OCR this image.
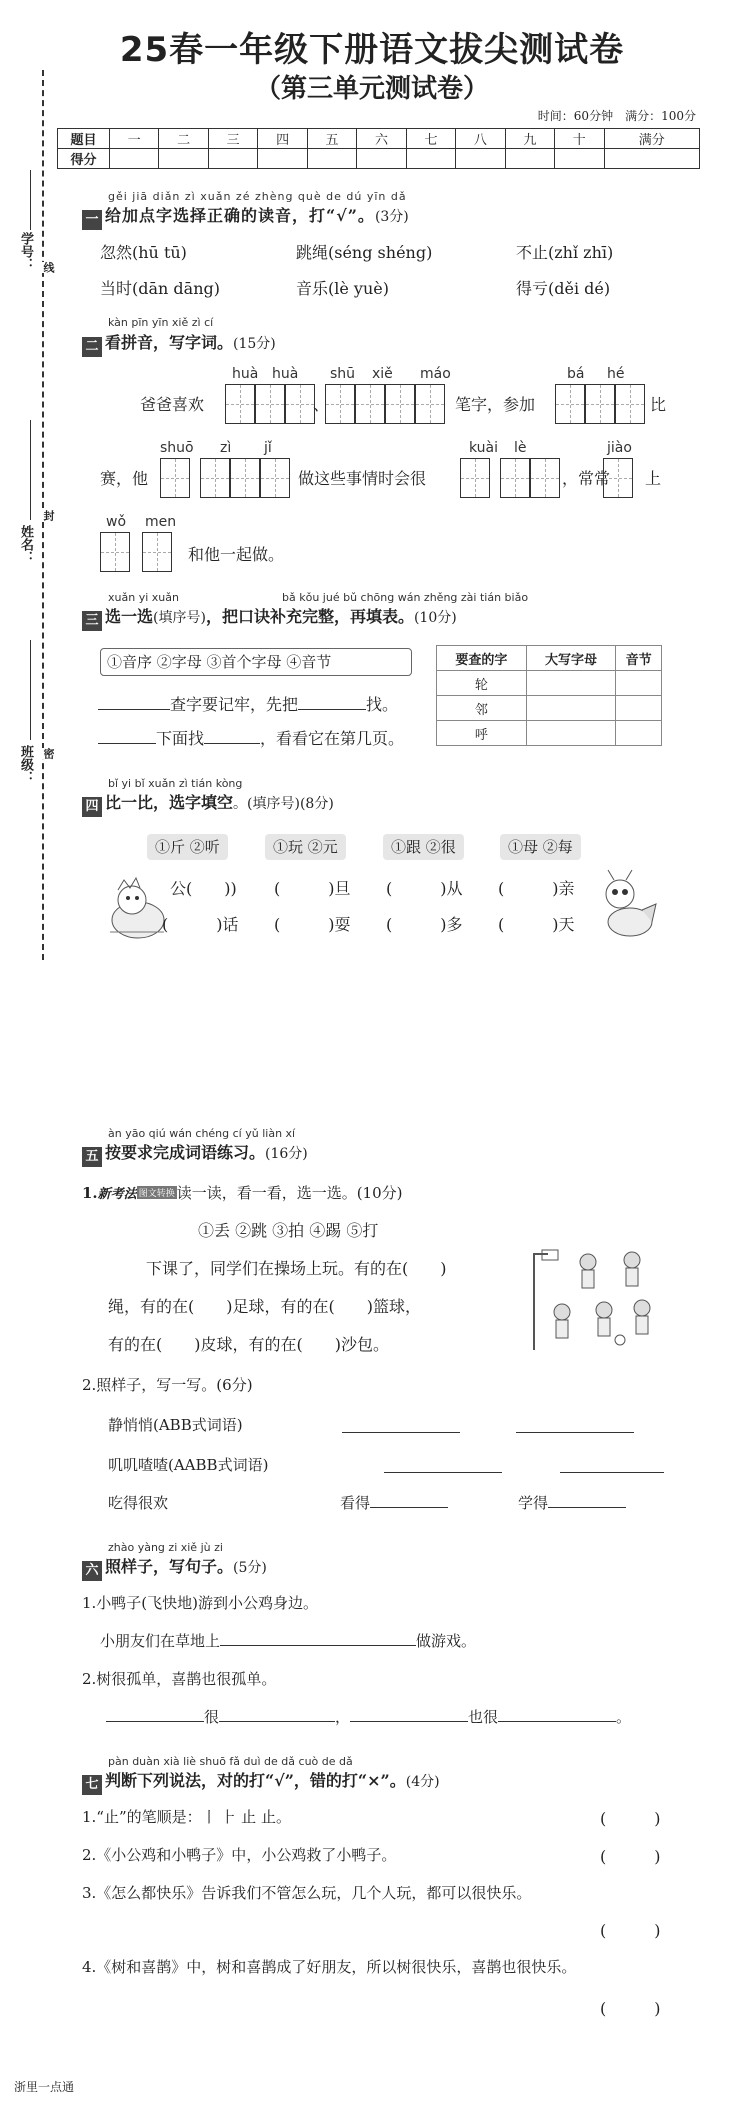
25春一年级下册语文拔尖测试卷
（第三单元测试卷）
时间：60分钟　 满分：100分
题目	一	二	三	四	五	六	七	八	九	十	满分
得分											
学号： 线
姓名：
封
班级： 密
gěi jiā diǎn zì xuǎn zé zhèng què de dú yīn dǎ
一 给加点字选择正确的读音，打“√”。(3分)
忽然(hū tū)	跳绳(séng shéng)	不止(zhǐ zhī)
当时(dān dāng)	音乐(lè yuè)	得亏(děi dé)
kàn pīn yīn xiě zì cí
二 看拼音，写字词。(15分)
huà huà shū xiě máo	bá hé
爸爸喜欢	、	笔字，参加	比
shuō zì jǐ	kuài lè	jiào
赛，他	做这些事情时会很	，常常 上
wǒ men
和他一起做。
xuǎn yi xuǎn	bǎ kǒu jué bǔ chōng wán zhěng zài tián biǎo
三 选一选(填序号)，把口诀补充完整，再填表。(10分)
①音序 ②字母 ③首个字母 ④音节
查字要记牢，先把	找。
下面找	，看看它在第几页。
要查的字	大写字母	音节
轮		
邻		
呼		
bǐ yi bǐ xuǎn zì tián kòng
四 比一比，选字填空。(填序号)(8分)
①斤 ②听	①玩 ②元	①跟 ②很	①母 ②每
公(　　)) (　　　)旦 (　　　)从 (　　　)亲
(　　　)话 (　　　)耍 (　　　)多 (　　　)天
àn yāo qiú wán chéng cí yǔ liàn xí
五 按要求完成词语练习。(16分)
1.新考法 图文转换 读一读，看一看，选一选。(10分)
①丢 ②跳 ③拍 ④踢 ⑤打
下课了，同学们在操场上玩。有的在(　　)
绳，有的在(　　)足球，有的在(　　)篮球，
有的在(　　)皮球，有的在(　　)沙包。
2.照样子，写一写。(6分)
静悄悄(ABB式词语)
叽叽喳喳(AABB式词语)
吃得很欢	看得	学得
zhào yàng zi xiě jù zi
六 照样子，写句子。(5分)
1.小鸭子(飞快地)游到小公鸡身边。
小朋友们在草地上	做游戏。
2.树很孤单，喜鹊也很孤单。
很	，	也很	。
pàn duàn xià liè shuō fǎ duì de dǎ cuò de dǎ
七 判断下列说法，对的打“√”，错的打“×”。(4分)
1.“止”的笔顺是：丨 ⺊ 止 止。	(　　　)
2.《小公鸡和小鸭子》中，小公鸡救了小鸭子。	(　　　)
3.《怎么都快乐》告诉我们不管怎么玩，几个人玩，都可以很快乐。
(　　　)
4.《树和喜鹊》中，树和喜鹊成了好朋友，所以树很快乐，喜鹊也很快乐。
(　　　)
浙里一点通
